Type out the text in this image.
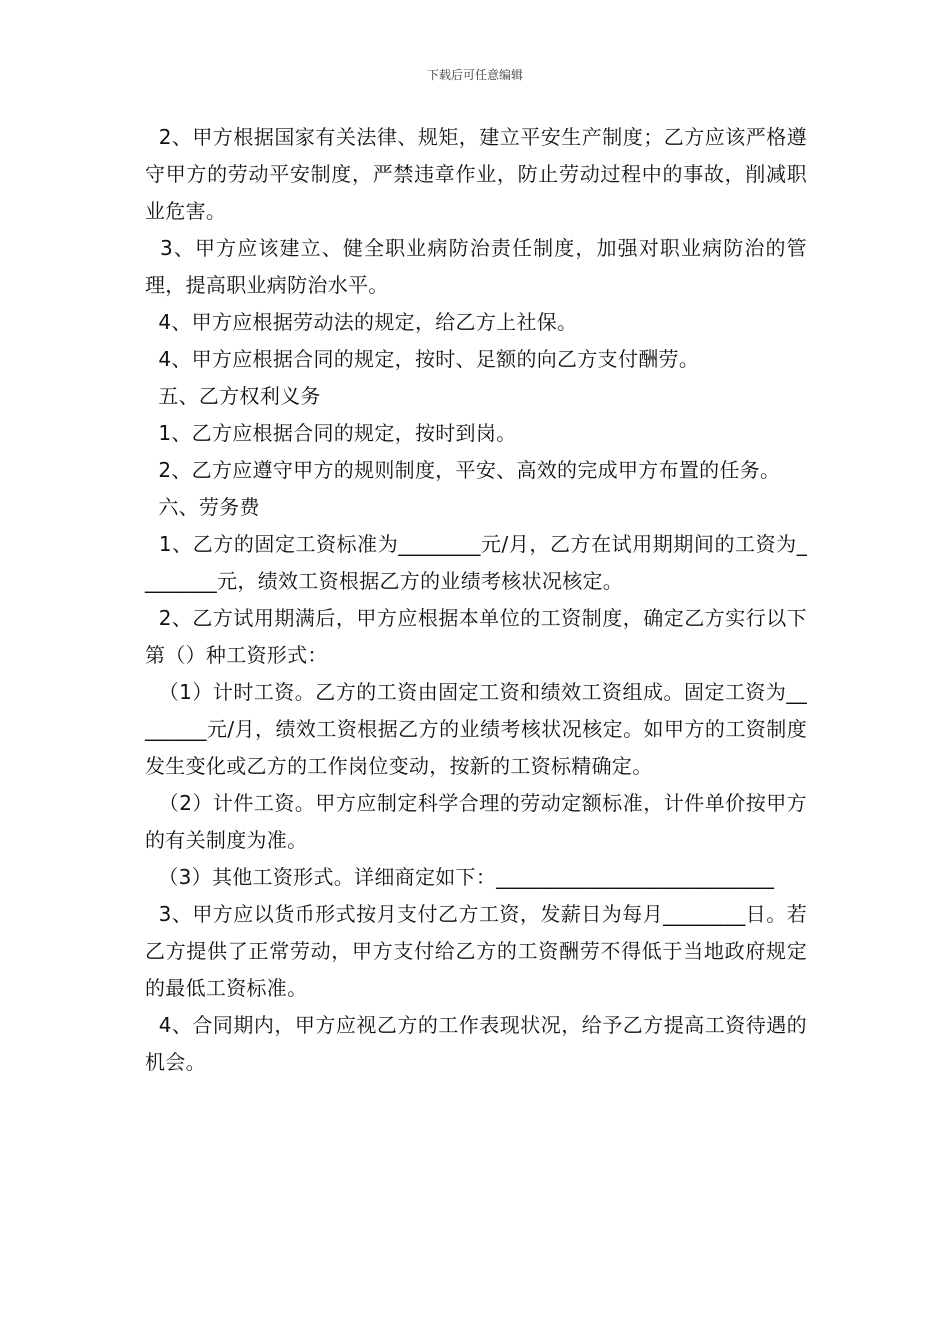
下载后可任意编辑

2、甲方根据国家有关法律、规矩，建立平安生产制度；乙方应该严格遵守甲方的劳动平安制度，严禁违章作业，防止劳动过程中的事故，削减职业危害。

3、甲方应该建立、健全职业病防治责任制度，加强对职业病防治的管理，提高职业病防治水平。

4、甲方应根据劳动法的规定，给乙方上社保。

4、甲方应根据合同的规定，按时、足额的向乙方支付酬劳。

五、乙方权利义务

1、乙方应根据合同的规定，按时到岗。

2、乙方应遵守甲方的规则制度，平安、高效的完成甲方布置的任务。

六、劳务费

1、乙方的固定工资标准为________元/月，乙方在试用期期间的工资为________元，绩效工资根据乙方的业绩考核状况核定。

2、乙方试用期满后，甲方应根据本单位的工资制度，确定乙方实行以下第（）种工资形式：

（1）计时工资。乙方的工资由固定工资和绩效工资组成。固定工资为________元/月，绩效工资根据乙方的业绩考核状况核定。如甲方的工资制度发生变化或乙方的工作岗位变动，按新的工资标精确定。

（2）计件工资。甲方应制定科学合理的劳动定额标准，计件单价按甲方的有关制度为准。

（3）其他工资形式。详细商定如下：___________________________

3、甲方应以货币形式按月支付乙方工资，发薪日为每月________日。若乙方提供了正常劳动，甲方支付给乙方的工资酬劳不得低于当地政府规定的最低工资标准。

4、合同期内，甲方应视乙方的工作表现状况，给予乙方提高工资待遇的机会。
